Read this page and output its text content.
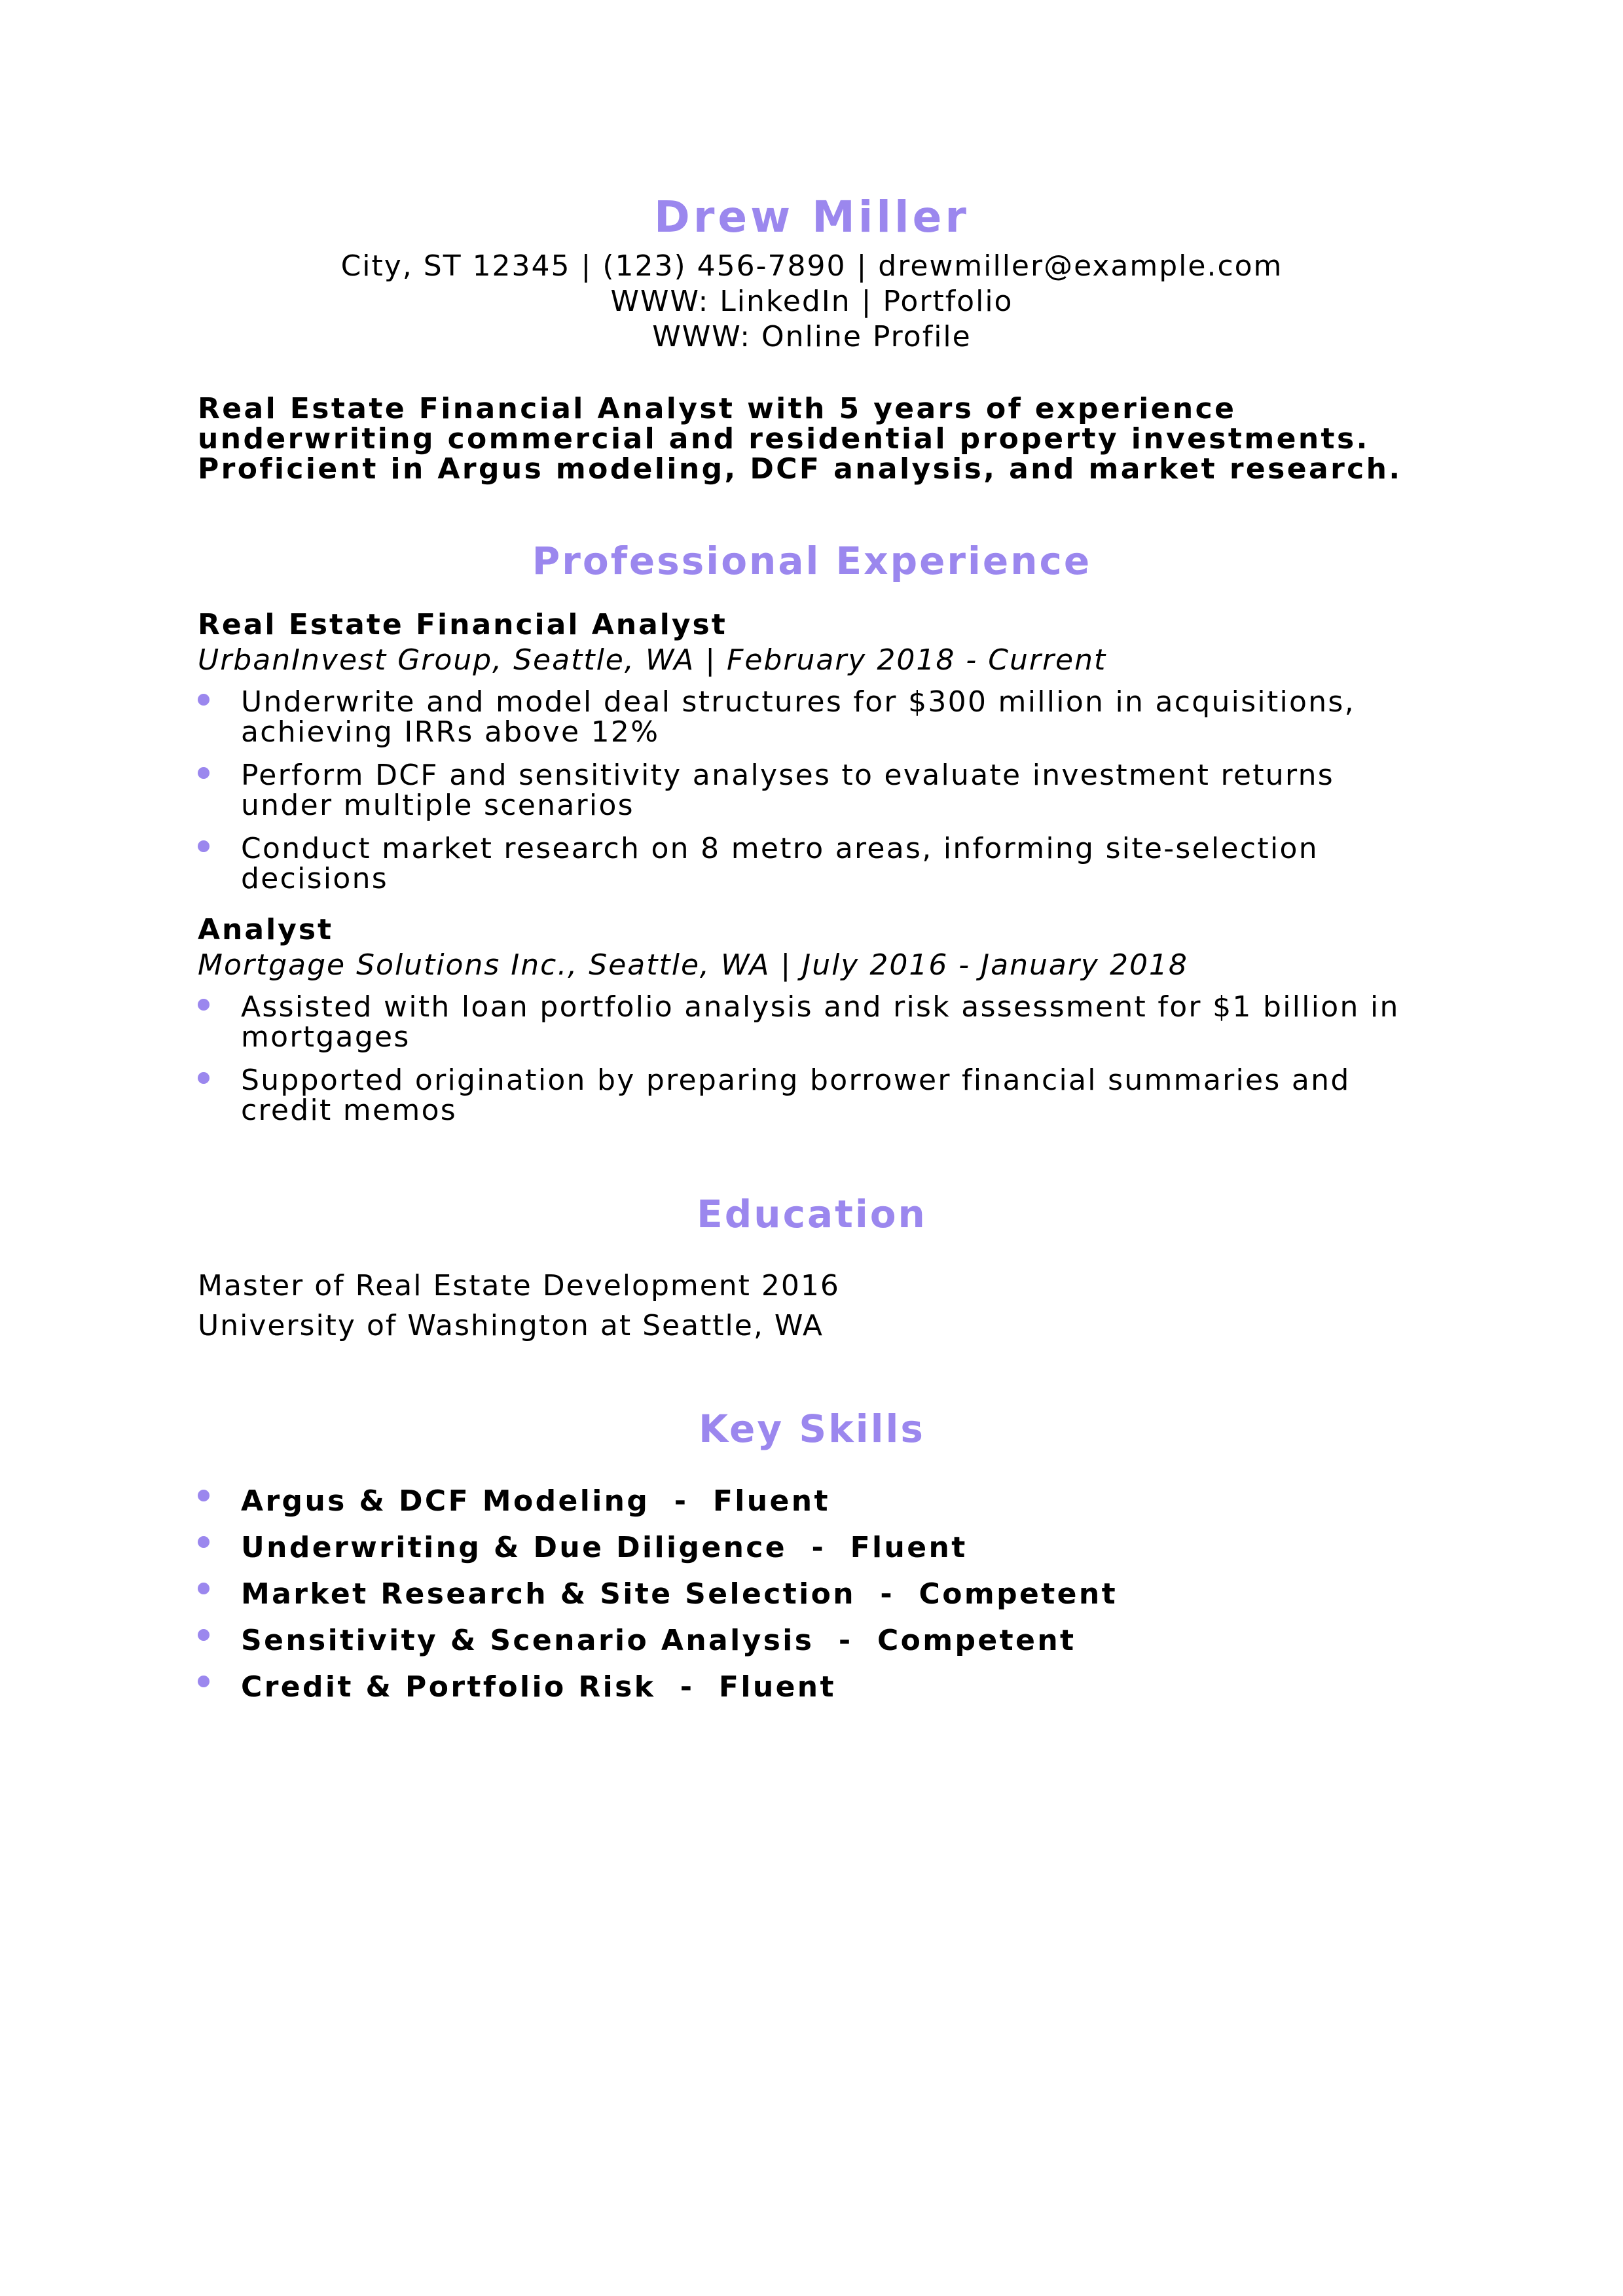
Drew Miller

City, ST 12345 | (123) 456-7890 | drewmiller@example.com

WWW: LinkedIn | Portfolio

WWW: Online Profile

Real Estate Financial Analyst with 5 years of experience underwriting commercial and residential property investments. Proficient in Argus modeling, DCF analysis, and market research.
Professional Experience
Real Estate Financial Analyst
UrbanInvest Group, Seattle, WA | February 2018 - Current
Underwrite and model deal structures for $300 million in acquisitions, achieving IRRs above 12%
Perform DCF and sensitivity analyses to evaluate investment returns under multiple scenarios
Conduct market research on 8 metro areas, informing site-selection decisions
Analyst
Mortgage Solutions Inc., Seattle, WA | July 2016 - January 2018
Assisted with loan portfolio analysis and risk assessment for $1 billion in mortgages
Supported origination by preparing borrower financial summaries and credit memos
Education
Master of Real Estate Development 2016
University of Washington at Seattle, WA
Key Skills
Argus & DCF Modeling  -  Fluent
Underwriting & Due Diligence  -  Fluent
Market Research & Site Selection  -  Competent
Sensitivity & Scenario Analysis  -  Competent
Credit & Portfolio Risk  -  Fluent
